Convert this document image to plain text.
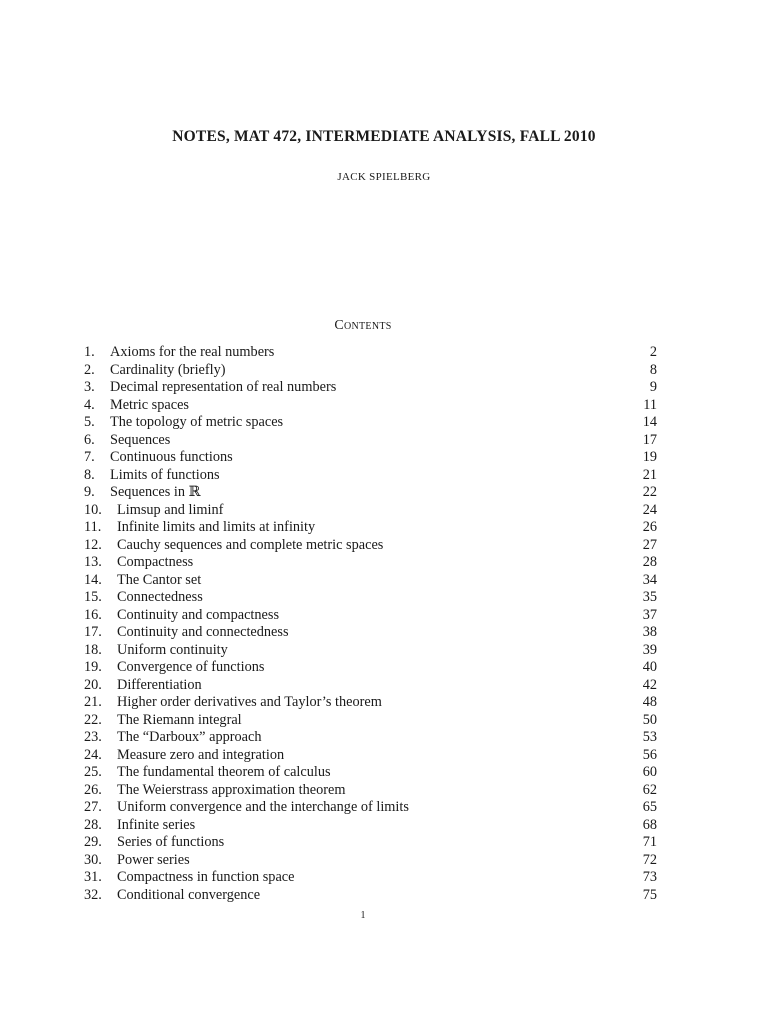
NOTES, MAT 472, INTERMEDIATE ANALYSIS, FALL 2010
JACK SPIELBERG
Contents
1. Axioms for the real numbers	2
2. Cardinality (briefly)	8
3. Decimal representation of real numbers	9
4. Metric spaces	11
5. The topology of metric spaces	14
6. Sequences	17
7. Continuous functions	19
8. Limits of functions	21
9. Sequences in ℝ	22
10. Limsup and liminf	24
11. Infinite limits and limits at infinity	26
12. Cauchy sequences and complete metric spaces	27
13. Compactness	28
14. The Cantor set	34
15. Connectedness	35
16. Continuity and compactness	37
17. Continuity and connectedness	38
18. Uniform continuity	39
19. Convergence of functions	40
20. Differentiation	42
21. Higher order derivatives and Taylor’s theorem	48
22. The Riemann integral	50
23. The “Darboux” approach	53
24. Measure zero and integration	56
25. The fundamental theorem of calculus	60
26. The Weierstrass approximation theorem	62
27. Uniform convergence and the interchange of limits	65
28. Infinite series	68
29. Series of functions	71
30. Power series	72
31. Compactness in function space	73
32. Conditional convergence	75
1
